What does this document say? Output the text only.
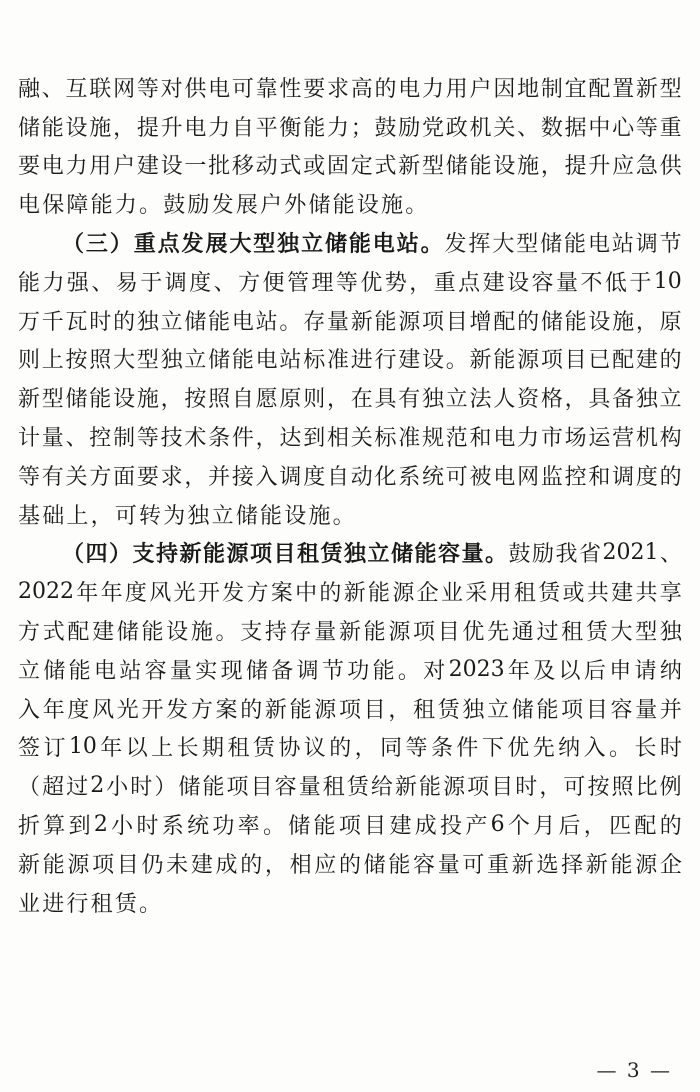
融 、 互 联 网 等 对 供 电 可 靠 性 要 求 高 的 电 力 用 户 因 地 制 宜 配 置 新 型
储 能 设 施 ， 提 升 电 力 自 平 衡 能 力 ； 鼓 励 党 政 机 关 、 数 据 中 心 等 重
要 电 力 用 户 建 设 一 批 移 动 式 或 固 定 式 新 型 储 能 设 施 ， 提 升 应 急 供
电 保 障 能 力 。 鼓 励 发 展 户 外 储 能 设 施 。
（ 三 ） 重 点 发 展 大 型 独 立 储 能 电 站 。 发 挥 大 型 储 能 电 站 调 节
能 力 强 、 易 于 调 度 、 方 便 管 理 等 优 势 ， 重 点 建 设 容 量 不 低 于 10
万 千 瓦 时 的 独 立 储 能 电 站 。 存 量 新 能 源 项 目 增 配 的 储 能 设 施 ， 原
则 上 按 照 大 型 独 立 储 能 电 站 标 准 进 行 建 设 。 新 能 源 项 目 已 配 建 的
新 型 储 能 设 施 ， 按 照 自 愿 原 则 ， 在 具 有 独 立 法 人 资 格 ， 具 备 独 立
计 量 、 控 制 等 技 术 条 件 ， 达 到 相 关 标 准 规 范 和 电 力 市 场 运 营 机 构
等 有 关 方 面 要 求 ， 并 接 入 调 度 自 动 化 系 统 可 被 电 网 监 控 和 调 度 的
基 础 上 ， 可 转 为 独 立 储 能 设 施 。
（ 四 ） 支 持 新 能 源 项 目 租 赁 独 立 储 能 容 量 。 鼓 励 我 省 2021 、
2022 年 年 度 风 光 开 发 方 案 中 的 新 能 源 企 业 采 用 租 赁 或 共 建 共 享
方 式 配 建 储 能 设 施 。 支 持 存 量 新 能 源 项 目 优 先 通 过 租 赁 大 型 独
立 储 能 电 站 容 量 实 现 储 备 调 节 功 能 。 对 2023 年 及 以 后 申 请 纳
入 年 度 风 光 开 发 方 案 的 新 能 源 项 目 ， 租 赁 独 立 储 能 项 目 容 量 并
签 订 10 年 以 上 长 期 租 赁 协 议 的 ， 同 等 条 件 下 优 先 纳 入 。 长 时
（ 超 过 2 小 时 ） 储 能 项 目 容 量 租 赁 给 新 能 源 项 目 时 ， 可 按 照 比 例
折 算 到 2 小 时 系 统 功 率 。 储 能 项 目 建 成 投 产 6 个 月 后 ， 匹 配 的
新 能 源 项 目 仍 未 建 成 的 ， 相 应 的 储 能 容 量 可 重 新 选 择 新 能 源 企
业 进 行 租 赁 。
— 3 —
